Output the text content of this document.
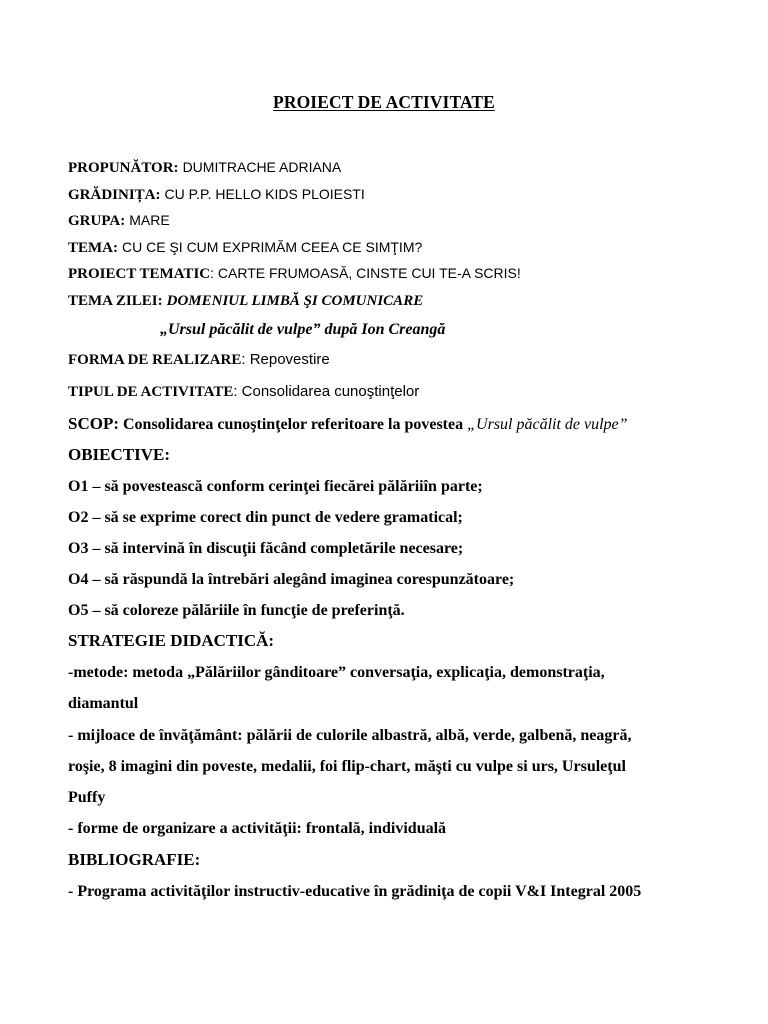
PROIECT DE ACTIVITATE
PROPUNĂTOR: DUMITRACHE ADRIANA
GRĂDINIȚA: CU P.P. HELLO KIDS PLOIESTI
GRUPA: MARE
TEMA: CU CE ŞI CUM EXPRIMĂM CEEA CE SIMŢIM?
PROIECT TEMATIC: CARTE FRUMOASĂ, CINSTE CUI TE-A SCRIS!
TEMA ZILEI: DOMENIUL LIMBĂ ŞI COMUNICARE
„Ursul păcălit de vulpe” după Ion Creangă
FORMA DE REALIZARE: Repovestire
TIPUL DE ACTIVITATE: Consolidarea cunoştinţelor
SCOP: Consolidarea cunoştinţelor referitoare la povestea „Ursul păcălit de vulpe”
OBIECTIVE:
O1 – să povestească conform cerinţei fiecărei pălăriiîn parte;
O2 – să se exprime corect din punct de vedere gramatical;
O3 – să intervină în discuţii făcând completările necesare;
O4 – să răspundă la întrebări alegând imaginea corespunzătoare;
O5 – să coloreze pălăriile în funcţie de preferinţă.
STRATEGIE DIDACTICĂ:
-metode: metoda „Pălăriilor gânditoare” conversaţia, explicaţia, demonstraţia,
diamantul
- mijloace de învăţământ: pălării de culorile albastră, albă, verde, galbenă, neagră,
roşie, 8 imagini din poveste, medalii, foi flip-chart, măşti cu vulpe si urs, Ursuleţul
Puffy
- forme de organizare a activităţii: frontală, individuală
BIBLIOGRAFIE:
- Programa activităţilor instructiv-educative în grădiniţa de copii V&I Integral 2005
